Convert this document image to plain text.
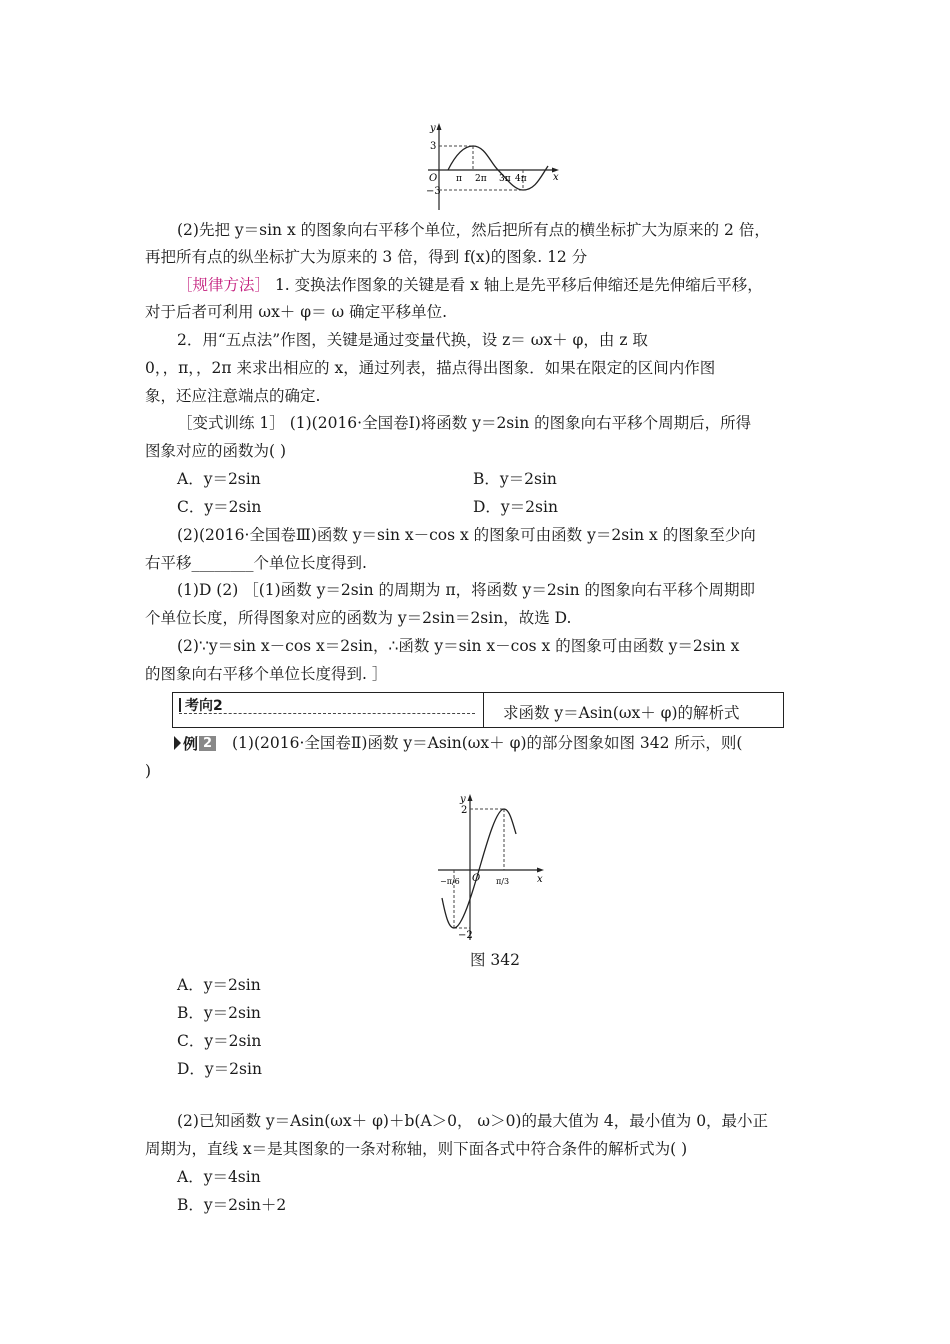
y
3
O
−3
π 2π 3π 4π	x
(2)先把 y＝sin x 的图象向右平移个单位，然后把所有点的横坐标扩大为原来的 2 倍，
再把所有点的纵坐标扩大为原来的 3 倍，得到 f(x)的图象. 12 分
［规律方法］ 1. 变换法作图象的关键是看 x 轴上是先平移后伸缩还是先伸缩后平移，
对于后者可利用 ωx＋ φ＝ ω 确定平移单位.
2．用“五点法”作图，关键是通过变量代换，设 z＝ ωx＋ φ，由 z 取
0，，π，，2π 来求出相应的 x，通过列表，描点得出图象．如果在限定的区间内作图
象，还应注意端点的确定.
［变式训练 1］ (1)(2016·全国卷Ⅰ)将函数 y＝2sin 的图象向右平移个周期后，所得
图象对应的函数为( )
A．y＝2sin	B．y＝2sin
C．y＝2sin	D．y＝2sin
(2)(2016·全国卷Ⅲ)函数 y＝sin x－cos x 的图象可由函数 y＝2sin x 的图象至少向
右平移________个单位长度得到.
(1)D (2) ［(1)函数 y＝2sin 的周期为 π，将函数 y＝2sin 的图象向右平移个周期即
个单位长度，所得图象对应的函数为 y＝2sin＝2sin，故选 D.
(2)∵y＝sin x－cos x＝2sin，∴函数 y＝sin x－cos x 的图象可由函数 y＝2sin x
的图象向右平移个单位长度得到. ］
考向2	求函数 y＝Asin(ωx＋ φ)的解析式
例 2 (1)(2016·全国卷Ⅱ)函数 y＝Asin(ωx＋ φ)的部分图象如图 342 所示，则(
)
y
2
O
−π/6	π/3
−2
x
图 342
A．y＝2sin
B．y＝2sin
C．y＝2sin
D．y＝2sin
(2)已知函数 y＝Asin(ωx＋ φ)＋b(A＞0， ω＞0)的最大值为 4，最小值为 0，最小正
周期为，直线 x＝是其图象的一条对称轴，则下面各式中符合条件的解析式为( )
A．y＝4sin
B．y＝2sin＋2
